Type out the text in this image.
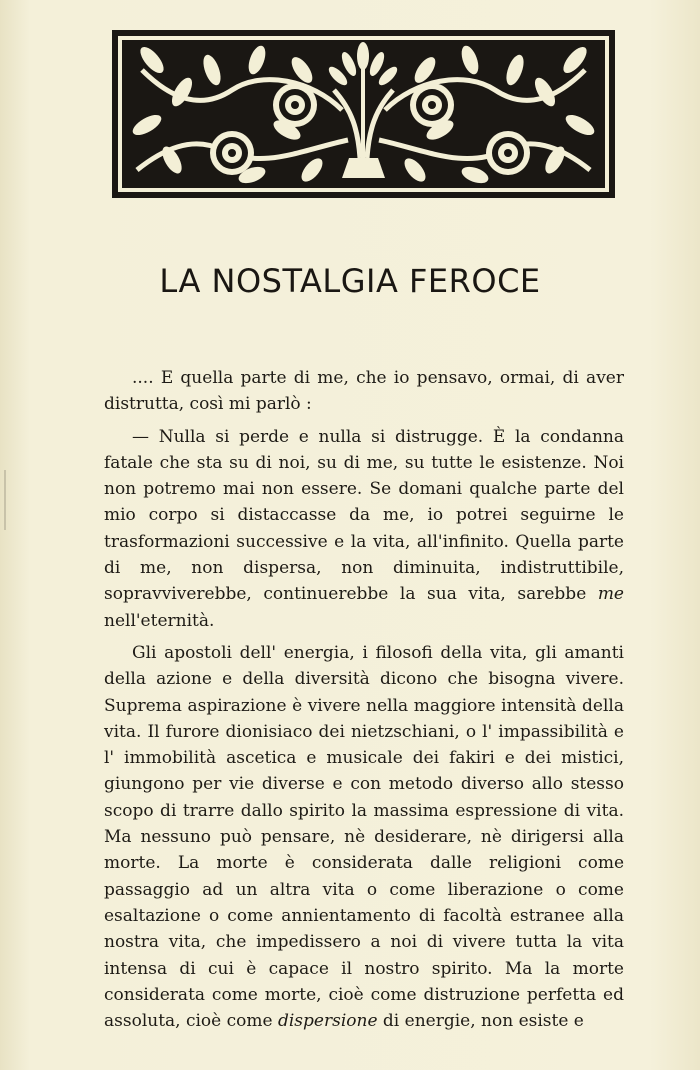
LA NOSTALGIA FEROCE

.... E quella parte di me, che io pensavo, ormai, di aver distrutta, così mi parlò :

— Nulla si perde e nulla si distrugge. È la condanna fatale che sta su di noi, su di me, su tutte le esistenze. Noi non potremo mai non essere. Se domani qualche parte del mio corpo si distaccasse da me, io potrei seguirne le trasformazioni successive e la vita, all'infinito. Quella parte di me, non dispersa, non diminuita, indistruttibile, sopravviverebbe, continuerebbe la sua vita, sarebbe me nell'eternità.

Gli apostoli dell' energia, i filosofi della vita, gli amanti della azione e della diversità dicono che bisogna vivere. Suprema aspirazione è vivere nella maggiore intensità della vita. Il furore dionisiaco dei nietzschiani, o l' impassibilità e l' immobilità ascetica e musicale dei fakiri e dei mistici, giungono per vie diverse e con metodo diverso allo stesso scopo di trarre dallo spirito la massima espressione di vita. Ma nessuno può pensare, nè desiderare, nè dirigersi alla morte. La morte è considerata dalle religioni come passaggio ad un altra vita o come liberazione o come esaltazione o come annientamento di facoltà estranee alla nostra vita, che impedissero a noi di vivere tutta la vita intensa di cui è capace il nostro spirito. Ma la morte considerata come morte, cioè come distruzione perfetta ed assoluta, cioè come dispersione di energie, non esiste e
